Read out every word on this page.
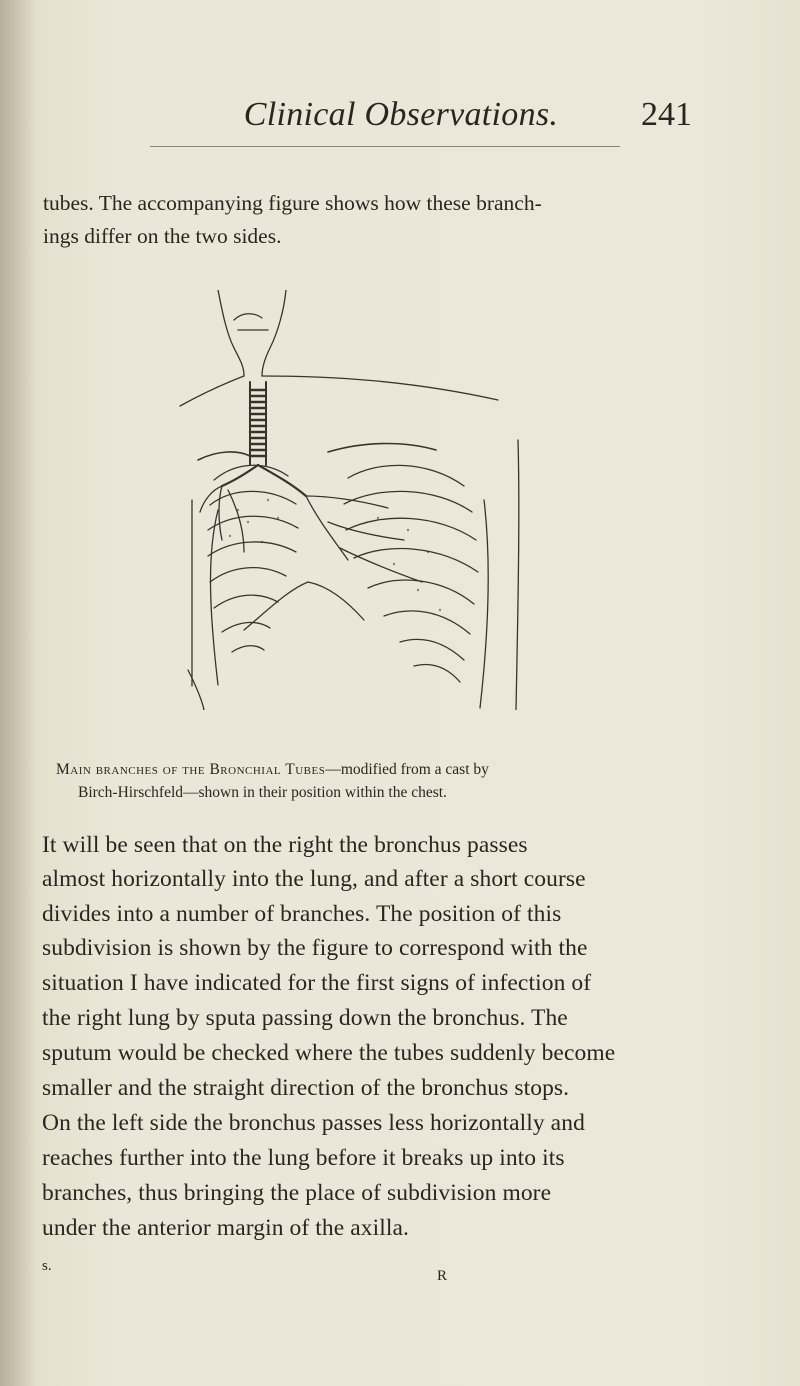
Clinical Observations.	241
tubes. The accompanying figure shows how these branch-
ings differ on the two sides.
Main branches of the Bronchial Tubes—modified from a cast by
Birch-Hirschfeld—shown in their position within the chest.
It will be seen that on the right the bronchus passes
almost horizontally into the lung, and after a short course
divides into a number of branches. The position of this
subdivision is shown by the figure to correspond with the
situation I have indicated for the first signs of infection of
the right lung by sputa passing down the bronchus. The
sputum would be checked where the tubes suddenly become
smaller and the straight direction of the bronchus stops.
On the left side the bronchus passes less horizontally and
reaches further into the lung before it breaks up into its
branches, thus bringing the place of subdivision more
under the anterior margin of the axilla.
s.
R
